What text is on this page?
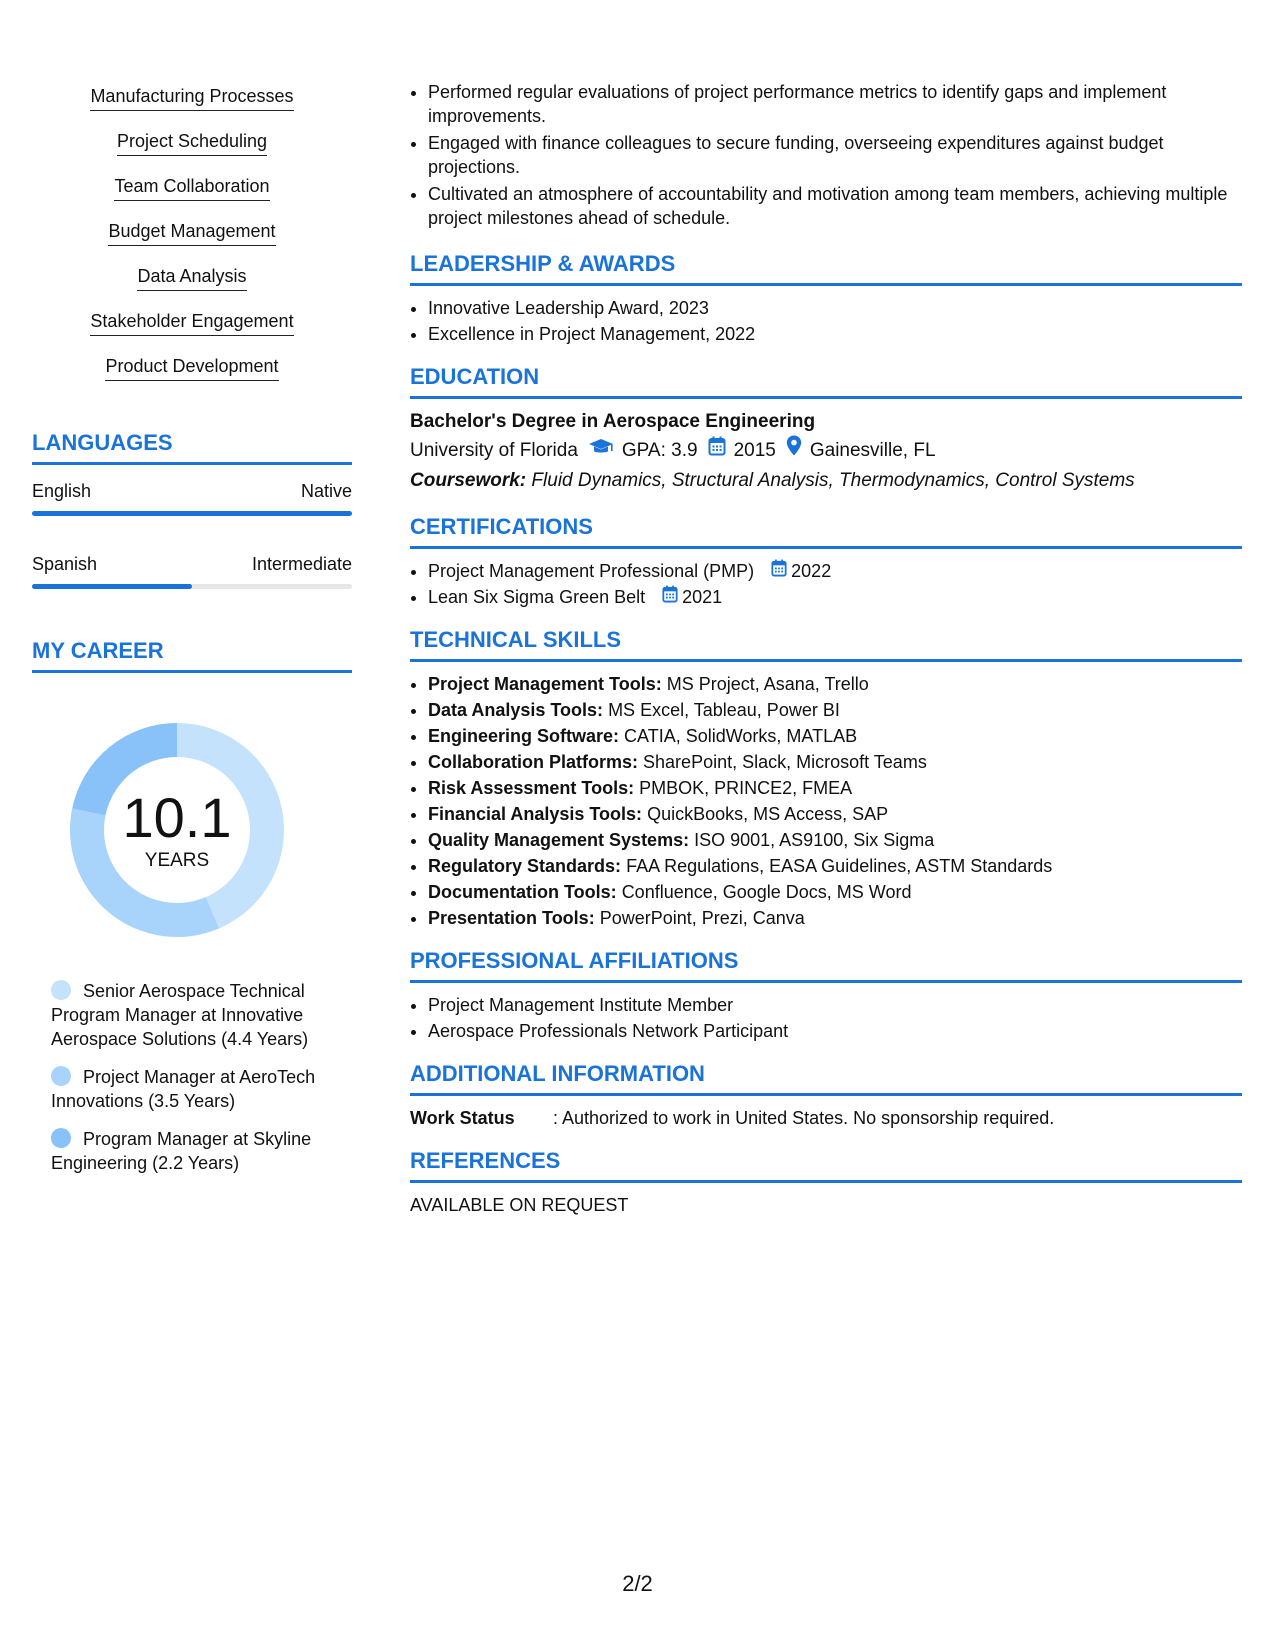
Manufacturing Processes
Project Scheduling
Team Collaboration
Budget Management
Data Analysis
Stakeholder Engagement
Product Development
LANGUAGES
English	Native
Spanish	Intermediate
MY CAREER
10.1
YEARS
Senior Aerospace Technical Program Manager at Innovative Aerospace Solutions (4.4 Years)
Project Manager at AeroTech Innovations (3.5 Years)
Program Manager at Skyline Engineering (2.2 Years)
• Performed regular evaluations of project performance metrics to identify gaps and implement improvements.
• Engaged with finance colleagues to secure funding, overseeing expenditures against budget projections.
• Cultivated an atmosphere of accountability and motivation among team members, achieving multiple project milestones ahead of schedule.
LEADERSHIP & AWARDS
• Innovative Leadership Award, 2023
• Excellence in Project Management, 2022
EDUCATION
Bachelor's Degree in Aerospace Engineering
University of Florida GPA: 3.9 2015 Gainesville, FL
Coursework: Fluid Dynamics, Structural Analysis, Thermodynamics, Control Systems
CERTIFICATIONS
• Project Management Professional (PMP) 2022
• Lean Six Sigma Green Belt 2021
TECHNICAL SKILLS
• Project Management Tools: MS Project, Asana, Trello
• Data Analysis Tools: MS Excel, Tableau, Power BI
• Engineering Software: CATIA, SolidWorks, MATLAB
• Collaboration Platforms: SharePoint, Slack, Microsoft Teams
• Risk Assessment Tools: PMBOK, PRINCE2, FMEA
• Financial Analysis Tools: QuickBooks, MS Access, SAP
• Quality Management Systems: ISO 9001, AS9100, Six Sigma
• Regulatory Standards: FAA Regulations, EASA Guidelines, ASTM Standards
• Documentation Tools: Confluence, Google Docs, MS Word
• Presentation Tools: PowerPoint, Prezi, Canva
PROFESSIONAL AFFILIATIONS
• Project Management Institute Member
• Aerospace Professionals Network Participant
ADDITIONAL INFORMATION
Work Status	: Authorized to work in United States. No sponsorship required.
REFERENCES
AVAILABLE ON REQUEST
2/2
